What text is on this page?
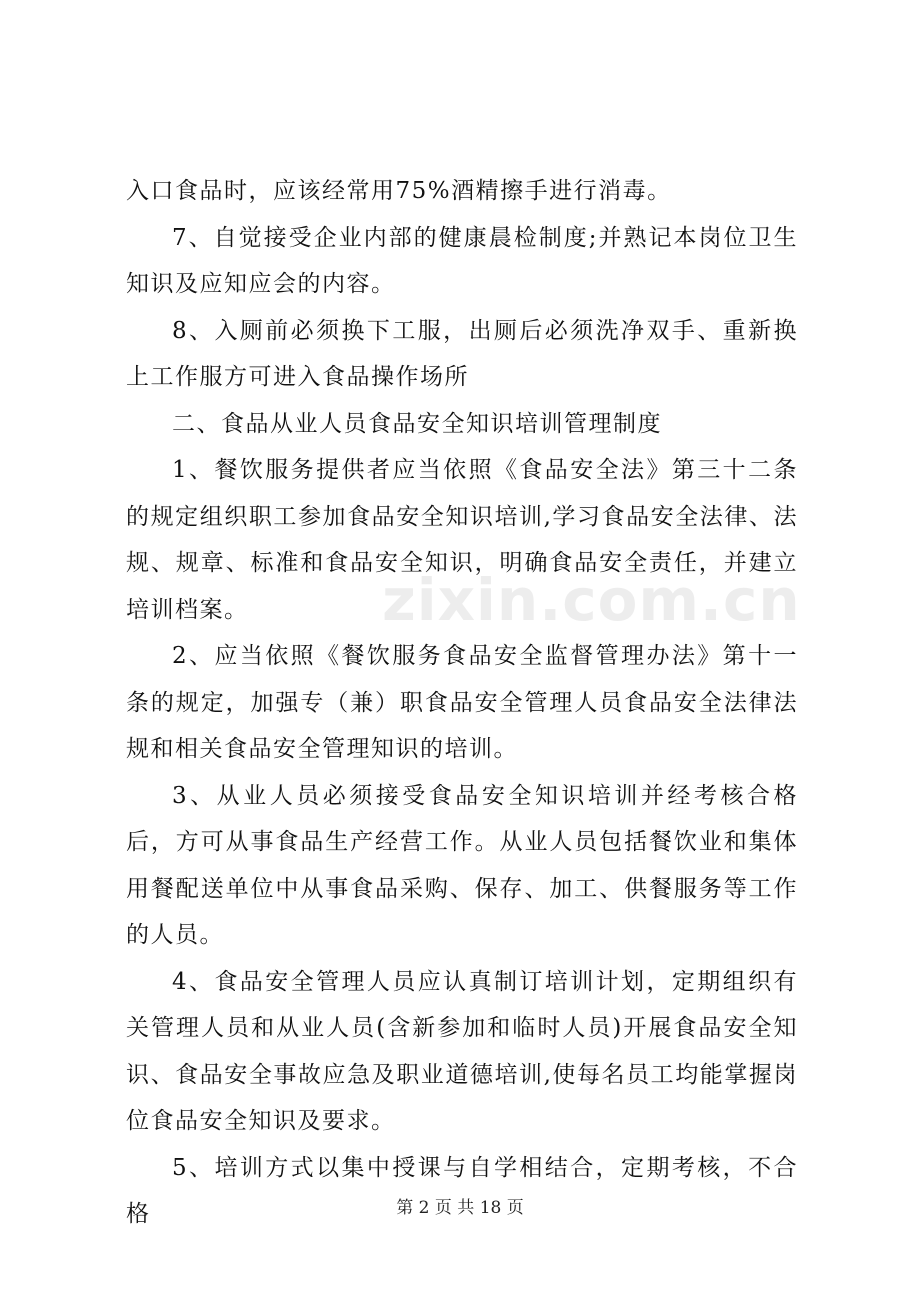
zixin.com.cn

入口食品时，应该经常用75%酒精擦手进行消毒。

7、自觉接受企业内部的健康晨检制度;并熟记本岗位卫生知识及应知应会的内容。

8、入厕前必须换下工服，出厕后必须洗净双手、重新换上工作服方可进入食品操作场所

二、食品从业人员食品安全知识培训管理制度

1、餐饮服务提供者应当依照《食品安全法》第三十二条的规定组织职工参加食品安全知识培训,学习食品安全法律、法规、规章、标准和食品安全知识，明确食品安全责任，并建立培训档案。

2、应当依照《餐饮服务食品安全监督管理办法》第十一条的规定，加强专（兼）职食品安全管理人员食品安全法律法规和相关食品安全管理知识的培训。

3、从业人员必须接受食品安全知识培训并经考核合格后，方可从事食品生产经营工作。从业人员包括餐饮业和集体用餐配送单位中从事食品采购、保存、加工、供餐服务等工作的人员。

4、食品安全管理人员应认真制订培训计划，定期组织有关管理人员和从业人员(含新参加和临时人员)开展食品安全知识、食品安全事故应急及职业道德培训,使每名员工均能掌握岗位食品安全知识及要求。

5、培训方式以集中授课与自学相结合，定期考核，不合格	第 2 页 共 18 页
